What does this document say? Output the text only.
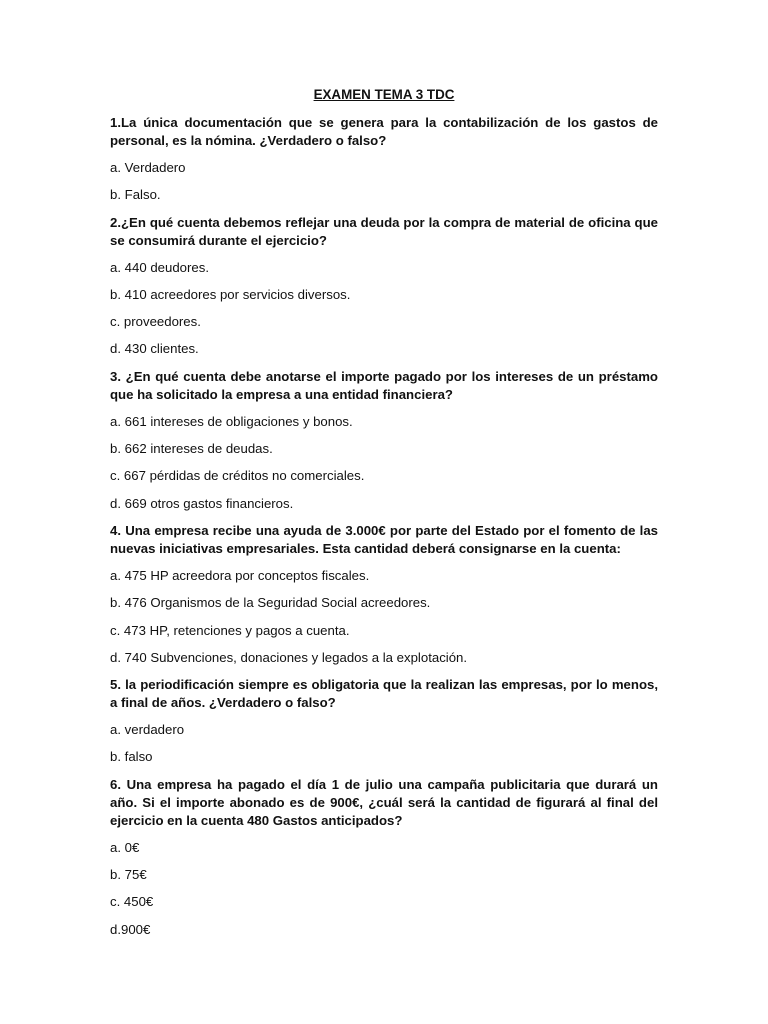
EXAMEN TEMA 3 TDC

1.La única documentación que se genera para la contabilización de los gastos de personal, es la nómina. ¿Verdadero o falso?

a. Verdadero

b. Falso.

2.¿En qué cuenta debemos reflejar una deuda por la compra de material de oficina que se consumirá durante el ejercicio?

a. 440 deudores.

b. 410 acreedores por servicios diversos.

c. proveedores.

d. 430 clientes.

3. ¿En qué cuenta debe anotarse el importe pagado por los intereses de un préstamo que ha solicitado la empresa a una entidad financiera?

a. 661 intereses de obligaciones y bonos.

b. 662 intereses de deudas.

c. 667 pérdidas de créditos no comerciales.

d. 669 otros gastos financieros.

4. Una empresa recibe una ayuda de 3.000€ por parte del Estado por el fomento de las nuevas iniciativas empresariales. Esta cantidad deberá consignarse en la cuenta:

a. 475 HP acreedora por conceptos fiscales.

b. 476 Organismos de la Seguridad Social acreedores.

c. 473 HP, retenciones y pagos a cuenta.

d. 740 Subvenciones, donaciones y legados a la explotación.

5. la periodificación siempre es obligatoria que la realizan las empresas, por lo menos, a final de años. ¿Verdadero o falso?

a. verdadero

b. falso

6. Una empresa ha pagado el día 1 de julio una campaña publicitaria que durará un año. Si el importe abonado es de 900€, ¿cuál será la cantidad de figurará al final del ejercicio en la cuenta 480 Gastos anticipados?

a. 0€

b. 75€

c. 450€

d.900€
